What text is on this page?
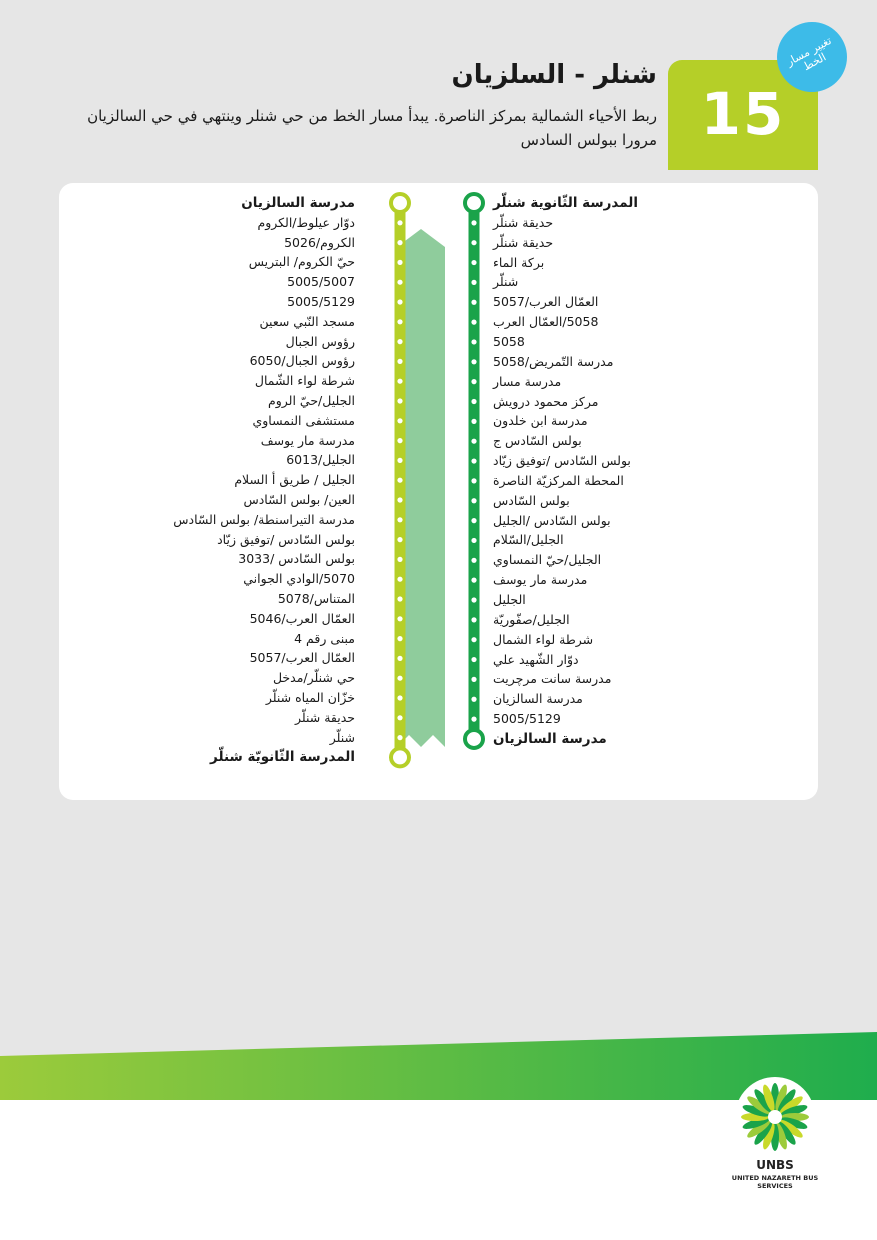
15
تغيير مسار الخط
شنلر - السلزيان
ربط الأحياء الشمالية بمركز الناصرة. يبدأ مسار الخط من حي شنلر وينتهي في حي السالزيان مرورا ببولس السادس
المدرسة الثّانوية شنلّر
حديقة شنلّر
حديقة شنلّر
بركة الماء
شنلّر
العمّال العرب/5057
5058/العمّال العرب
5058
مدرسة التّمريض/5058
مدرسة مسار
مركز محمود درويش
مدرسة ابن خلدون
بولس السّادس ج
بولس السّادس /توفيق زيّاد
المحطة المركزيّة الناصرة
بولس السّادس
بولس السّادس /الجليل
الجليل/السّلام
الجليل/حيّ النمساوي
مدرسة مار يوسف
الجليل
الجليل/صفّوريّة
شرطة لواء الشمال
دوّار الشّهيد علي
مدرسة سانت مرچريت
مدرسة السالزيان
5005/5129
مدرسة السالزيان
مدرسة السالزيان
دوّار عيلوط/الكروم
الكروم/5026
حيّ الكروم/ البتريس
5005/5007
5005/5129
مسجد النّبي سعين
رؤوس الجبال
رؤوس الجبال/6050
شرطة لواء الشّمال
الجليل/حيّ الروم
مستشفى النمساوي
مدرسة مار يوسف
الجليل/6013
الجليل / طريق أ السلام
العين/ بولس السّادس
مدرسة التيراسنطة/ بولس السّادس
بولس السّادس /توفيق زيّاد
بولس السّادس /3033
5070/الوادي الجواني
المتناس/5078
العمّال العرب/5046
مبنى رقم 4
العمّال العرب/5057
حي شنلّر/مدخل
خزّان المياه شنلّر
حديقة شنلّر
شنلّر
المدرسة الثّانويّة شنلّر
UNBS
UNITED NAZARETH BUS SERVICES
